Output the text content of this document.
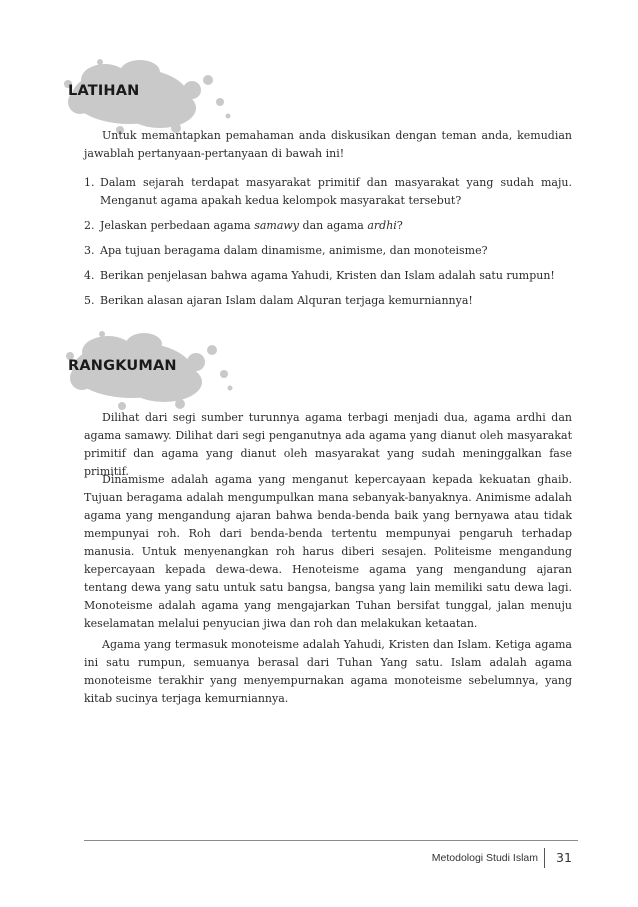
LATIHAN

Untuk memantapkan pemahaman anda diskusikan dengan teman anda, kemudian jawablah pertanyaan-pertanyaan di bawah ini!

1. Dalam sejarah terdapat masyarakat primitif dan masyarakat yang sudah maju. Menganut agama apakah kedua kelompok masyarakat tersebut?
2. Jelaskan perbedaan agama samawy dan agama ardhi?
3. Apa tujuan beragama dalam dinamisme, animisme, dan monoteisme?
4. Berikan penjelasan bahwa agama Yahudi, Kristen dan Islam adalah satu rumpun!
5. Berikan alasan ajaran Islam dalam Alquran terjaga kemurniannya!
RANGKUMAN

Dilihat dari segi sumber turunnya agama terbagi menjadi dua, agama ardhi dan agama samawy. Dilihat dari segi penganutnya ada agama yang dianut oleh masyarakat primitif dan agama yang dianut oleh masyarakat yang sudah meninggalkan fase primitif.

Dinamisme adalah agama yang menganut kepercayaan kepada kekuatan ghaib. Tujuan beragama adalah mengumpulkan mana sebanyak-banyaknya. Animisme adalah agama yang mengandung ajaran bahwa benda-benda baik yang bernyawa atau tidak mempunyai roh. Roh dari benda-benda tertentu mempunyai pengaruh terhadap manusia. Untuk menyenangkan roh harus diberi sesajen. Politeisme mengandung kepercayaan kepada dewa-dewa. Henoteisme agama yang mengandung ajaran tentang dewa yang satu untuk satu bangsa, bangsa yang lain memiliki satu dewa lagi. Monoteisme adalah agama yang mengajarkan Tuhan bersifat tunggal, jalan menuju keselamatan melalui penyucian jiwa dan roh dan melakukan ketaatan.

Agama yang termasuk monoteisme adalah Yahudi, Kristen dan Islam. Ketiga agama ini satu rumpun, semuanya berasal dari Tuhan Yang satu. Islam adalah agama monoteisme terakhir yang menyempurnakan agama monoteisme sebelumnya, yang kitab sucinya terjaga kemurniannya.

Metodologi Studi Islam 31
